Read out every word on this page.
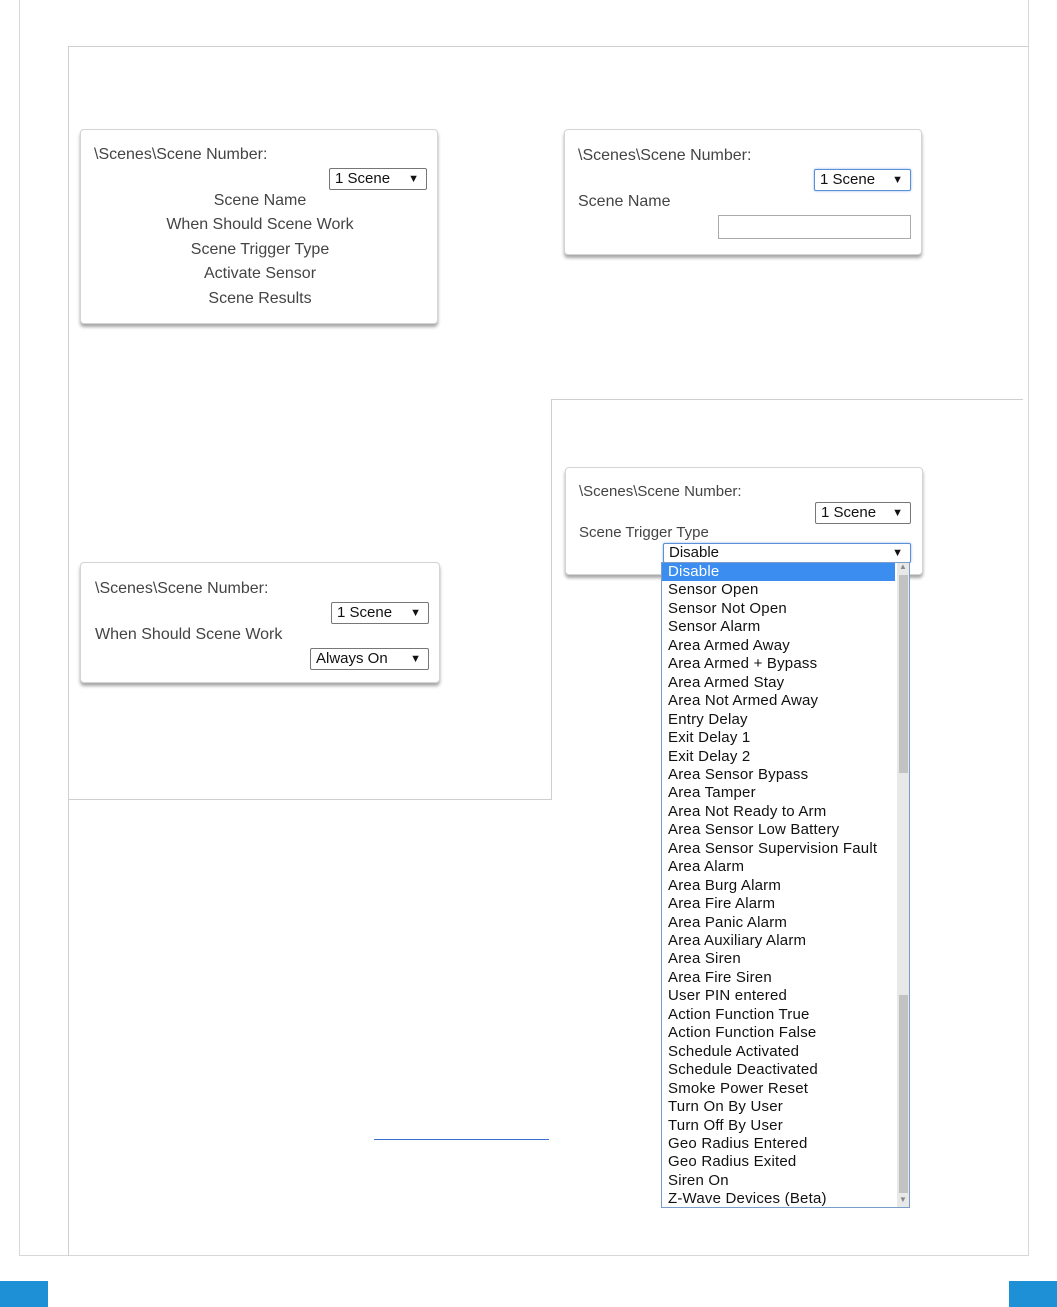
\Scenes\Scene Number:
1 Scene ▼
Scene Name
When Should Scene Work
Scene Trigger Type
Activate Sensor
Scene Results
\Scenes\Scene Number:
1 Scene ▼
Scene Name
\Scenes\Scene Number:
1 Scene ▼
When Should Scene Work
Always On ▼
\Scenes\Scene Number:
1 Scene ▼
Scene Trigger Type
Disable	▼
Disable
Sensor Open
Sensor Not Open
Sensor Alarm
Area Armed Away
Area Armed + Bypass
Area Armed Stay
Area Not Armed Away
Entry Delay
Exit Delay 1
Exit Delay 2
Area Sensor Bypass
Area Tamper
Area Not Ready to Arm
Area Sensor Low Battery
Area Sensor Supervision Fault
Area Alarm
Area Burg Alarm
Area Fire Alarm
Area Panic Alarm
Area Auxiliary Alarm
Area Siren
Area Fire Siren
User PIN entered
Action Function True
Action Function False
Schedule Activated
Schedule Deactivated
Smoke Power Reset
Turn On By User
Turn Off By User
Geo Radius Entered
Geo Radius Exited
Siren On
Z-Wave Devices (Beta)
▲
▼
